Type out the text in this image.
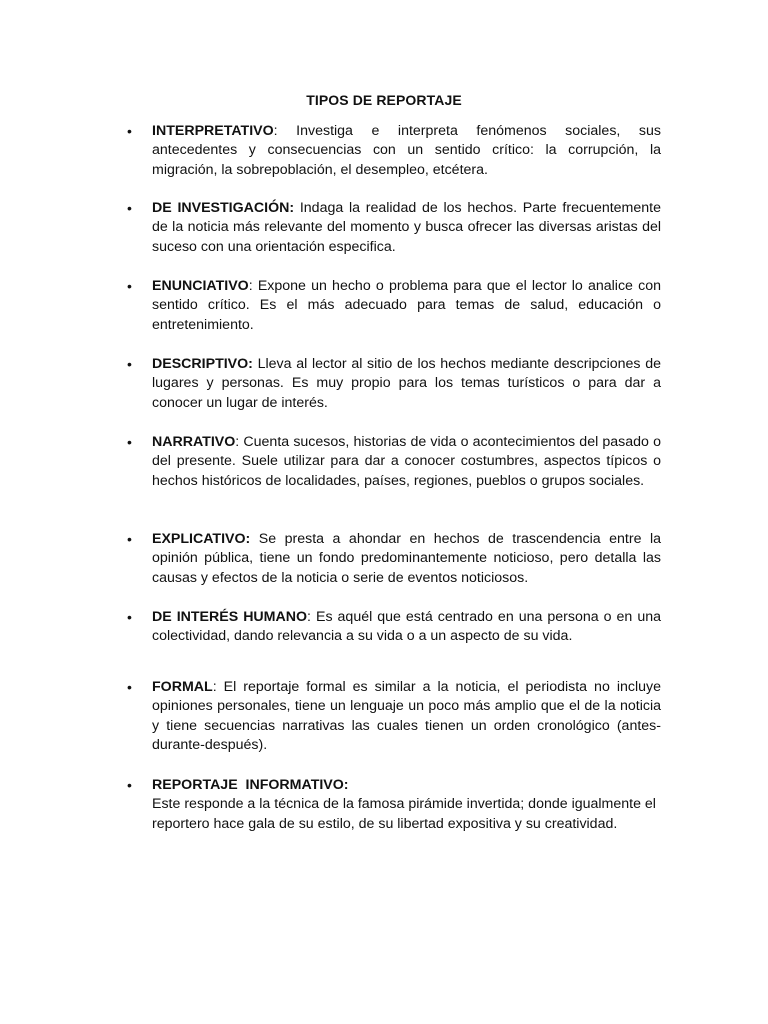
TIPOS DE REPORTAJE
• INTERPRETATIVO: Investiga e interpreta fenómenos sociales, sus antecedentes y consecuencias con un sentido crítico: la corrupción, la migración, la sobrepoblación, el desempleo, etcétera.
• DE INVESTIGACIÓN: Indaga la realidad de los hechos. Parte frecuentemente de la noticia más relevante del momento y busca ofrecer las diversas aristas del suceso con una orientación especifica.
• ENUNCIATIVO: Expone un hecho o problema para que el lector lo analice con sentido crítico. Es el más adecuado para temas de salud, educación o entretenimiento.
• DESCRIPTIVO: Lleva al lector al sitio de los hechos mediante descripciones de lugares y personas. Es muy propio para los temas turísticos o para dar a conocer un lugar de interés.
• NARRATIVO: Cuenta sucesos, historias de vida o acontecimientos del pasado o del presente. Suele utilizar para dar a conocer costumbres, aspectos típicos o hechos históricos de localidades, países, regiones, pueblos o grupos sociales.
• EXPLICATIVO: Se presta a ahondar en hechos de trascendencia entre la opinión pública, tiene un fondo predominantemente noticioso, pero detalla las causas y efectos de la noticia o serie de eventos noticiosos.
• DE INTERÉS HUMANO: Es aquél que está centrado en una persona o en una colectividad, dando relevancia a su vida o a un aspecto de su vida.
• FORMAL: El reportaje formal es similar a la noticia, el periodista no incluye opiniones personales, tiene un lenguaje un poco más amplio que el de la noticia y tiene secuencias narrativas las cuales tienen un orden cronológico (antes-durante-después).
• REPORTAJE  INFORMATIVO:
Este responde a la técnica de la famosa pirámide invertida; donde igualmente el reportero hace gala de su estilo, de su libertad expositiva y su creatividad.
